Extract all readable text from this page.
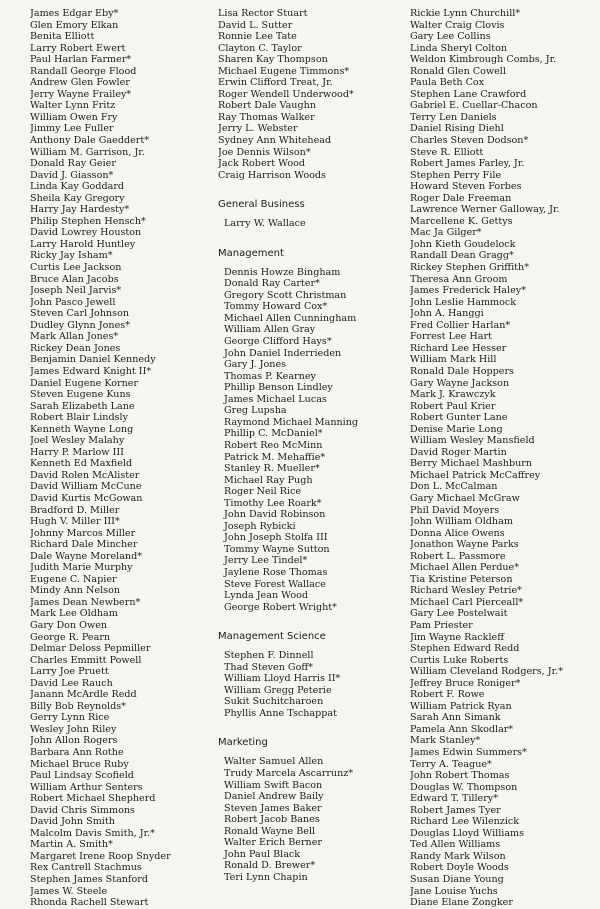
James Edgar Eby*
Glen Emory Elkan
Benita Elliott
Larry Robert Ewert
Paul Harlan Farmer*
Randall George Flood
Andrew Glen Fowler
Jerry Wayne Frailey*
Walter Lynn Fritz
William Owen Fry
Jimmy Lee Fuller
Anthony Dale Gaeddert*
William M. Garrison, Jr.
Donald Ray Geier
David J. Giasson*
Linda Kay Goddard
Sheila Kay Gregory
Harry Jay Hardesty*
Philip Stephen Hensch*
David Lowrey Houston
Larry Harold Huntley
Ricky Jay Isham*
Curtis Lee Jackson
Bruce Alan Jacobs
Joseph Neil Jarvis*
John Pasco Jewell
Steven Carl Johnson
Dudley Glynn Jones*
Mark Allan Jones*
Rickey Dean Jones
Benjamin Daniel Kennedy
James Edward Knight II*
Daniel Eugene Korner
Steven Eugene Kuns
Sarah Elizabeth Lane
Robert Blair Lindsly
Kenneth Wayne Long
Joel Wesley Malahy
Harry P. Marlow III
Kenneth Ed Maxfield
David Rolen McAlister
David William McCune
David Kurtis McGowan
Bradford D. Miller
Hugh V. Miller III*
Johnny Marcos Miller
Richard Dale Mincher
Dale Wayne Moreland*
Judith Marie Murphy
Eugene C. Napier
Mindy Ann Nelson
James Dean Newbern*
Mark Lee Oldham
Gary Don Owen
George R. Pearn
Delmar Deloss Pepmiller
Charles Emmitt Powell
Larry Joe Pruett
David Lee Rauch
Janann McArdle Redd
Billy Bob Reynolds*
Gerry Lynn Rice
Wesley John Riley
John Allon Rogers
Barbara Ann Rothe
Michael Bruce Ruby
Paul Lindsay Scofield
William Arthur Senters
Robert Michael Shepherd
David Chris Simmons
David John Smith
Malcolm Davis Smith, Jr.*
Martin A. Smith*
Margaret Irene Roop Snyder
Rex Cantrell Stachmus
Stephen James Stanford
James W. Steele
Rhonda Rachell Stewart
Lisa Rector Stuart
David L. Sutter
Ronnie Lee Tate
Clayton C. Taylor
Sharen Kay Thompson
Michael Eugene Timmons*
Erwin Clifford Treat, Jr.
Roger Wendell Underwood*
Robert Dale Vaughn
Ray Thomas Walker
Jerry L. Webster
Sydney Ann Whitehead
Joe Dennis Wilson*
Jack Robert Wood
Craig Harrison Woods
General Business
Larry W. Wallace
Management
Dennis Howze Bingham
Donald Ray Carter*
Gregory Scott Christman
Tommy Howard Cox*
Michael Allen Cunningham
William Allen Gray
George Clifford Hays*
John Daniel Inderrieden
Gary J. Jones
Thomas P. Kearney
Phillip Benson Lindley
James Michael Lucas
Greg Lupsha
Raymond Michael Manning
Phillip C. McDaniel*
Robert Reo McMinn
Patrick M. Mehaffie*
Stanley R. Mueller*
Michael Ray Pugh
Roger Neil Rice
Timothy Lee Roark*
John David Robinson
Joseph Rybicki
John Joseph Stolfa III
Tommy Wayne Sutton
Jerry Lee Tindel*
Jaylene Rose Thomas
Steve Forest Wallace
Lynda Jean Wood
George Robert Wright*
Management Science
Stephen F. Dinnell
Thad Steven Goff*
William Lloyd Harris II*
William Gregg Peterie
Sukit Suchitcharoen
Phyllis Anne Tschappat
Marketing
Walter Samuel Allen
Trudy Marcela Ascarrunz*
William Swift Bacon
Daniel Andrew Baily
Steven James Baker
Robert Jacob Banes
Ronald Wayne Bell
Walter Erich Berner
John Paul Black
Ronald D. Brewer*
Teri Lynn Chapin
Rickie Lynn Churchill*
Walter Craig Clovis
Gary Lee Collins
Linda Sheryl Colton
Weldon Kimbrough Combs, Jr.
Ronald Glen Cowell
Paula Beth Cox
Stephen Lane Crawford
Gabriel E. Cuellar-Chacon
Terry Len Daniels
Daniel Rising Diehl
Charles Steven Dodson*
Steve R. Elliott
Robert James Farley, Jr.
Stephen Perry File
Howard Steven Forbes
Roger Dale Freeman
Lawrence Werner Galloway, Jr.
Marcellene K. Gettys
Mac Ja Gilger*
John Kieth Goudelock
Randall Dean Gragg*
Rickey Stephen Griffith*
Theresa Ann Groom
James Frederick Haley*
John Leslie Hammock
John A. Hanggi
Fred Collier Harlan*
Forrest Lee Hart
Richard Lee Hesser
William Mark Hill
Ronald Dale Hoppers
Gary Wayne Jackson
Mark J. Krawczyk
Robert Paul Krier
Robert Gunter Lane
Denise Marie Long
William Wesley Mansfield
David Roger Martin
Berry Michael Mashburn
Michael Patrick McCaffrey
Don L. McCalman
Gary Michael McGraw
Phil David Moyers
John William Oldham
Donna Alice Owens
Jonathon Wayne Parks
Robert L. Passmore
Michael Allen Perdue*
Tia Kristine Peterson
Richard Wesley Petrie*
Michael Carl Pierceall*
Gary Lee Postelwait
Pam Priester
Jim Wayne Rackleff
Stephen Edward Redd
Curtis Luke Roberts
William Cleveland Rodgers, Jr.*
Jeffrey Bruce Roniger*
Robert F. Rowe
William Patrick Ryan
Sarah Ann Simank
Pamela Ann Skodlar*
Mark Stanley*
James Edwin Summers*
Terry A. Teague*
John Robert Thomas
Douglas W. Thompson
Edward T. Tillery*
Robert James Tyer
Richard Lee Wilenzick
Douglas Lloyd Williams
Ted Allen Williams
Randy Mark Wilson
Robert Doyle Woods
Susan Diane Young
Jane Louise Yuchs
Diane Elane Zongker
